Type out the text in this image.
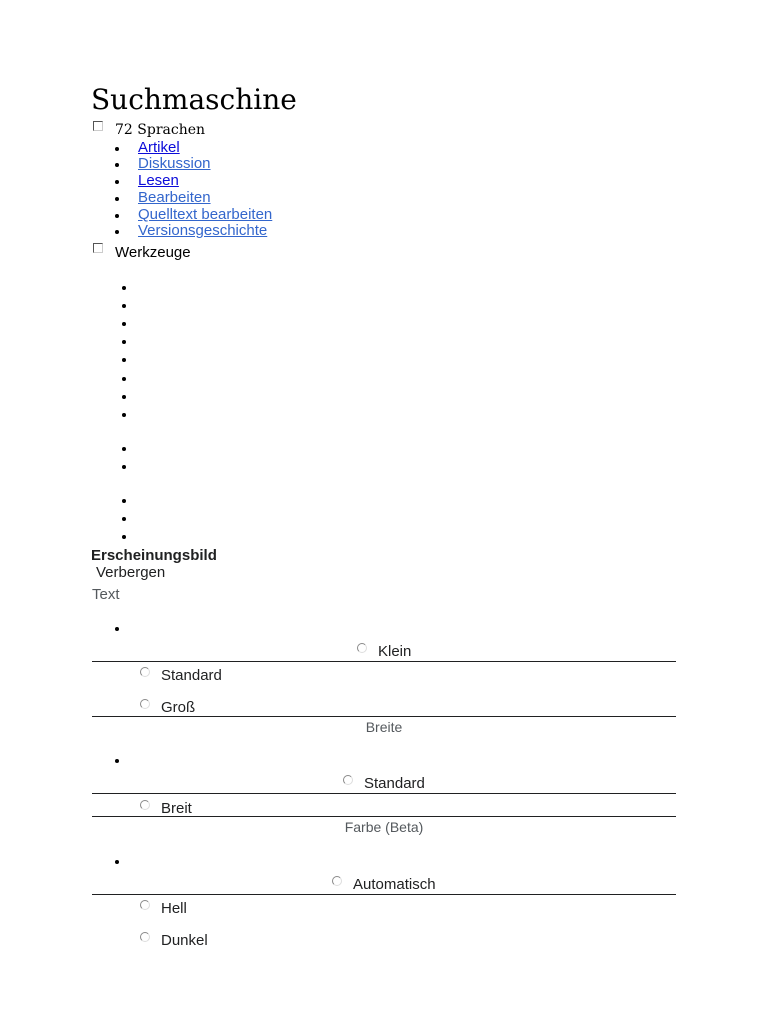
Suchmaschine
72 Sprachen
Artikel
Diskussion
Lesen
Bearbeiten
Quelltext bearbeiten
Versionsgeschichte
Werkzeuge
Erscheinungsbild
Verbergen
Text
Klein
Standard
Groß
Breite
Standard
Breit
Farbe (Beta)
Automatisch
Hell
Dunkel
